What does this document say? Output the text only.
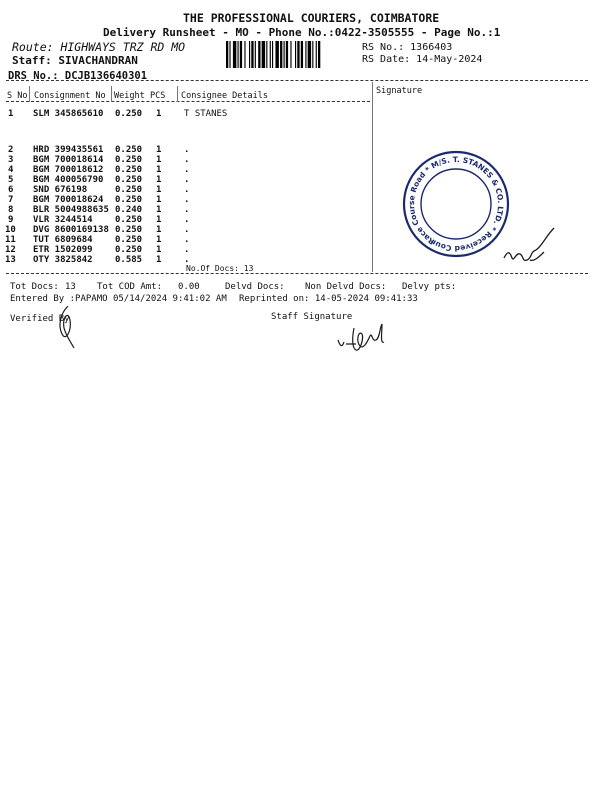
THE PROFESSIONAL COURIERS, COIMBATORE
Delivery Runsheet - MO - Phone No.:0422-3505555 - Page No.:1
Route: HIGHWAYS TRZ RD MO
Staff: SIVACHANDRAN
DRS No.: DCJB136640301
RS No.: 1366403
RS Date: 14-May-2024
S No Consignment No Weight PCS Consignee Details	Signature
1 SLM 345865610 0.250 1	T STANES
2 HRD 399435561 0.250 1	.
3 BGM 700018614 0.250 1	.
4 BGM 700018612 0.250 1	.
5 BGM 400056790 0.250 1	.
6 SND 676198	0.250 1	.
7 BGM 700018624 0.250 1	.
8 BLR 5004988635 0.240 1	.
9 VLR 3244514 0.250 1	.
10 DVG 8600169138 0.250 1	.
11 TUT 6809684 0.250 1	.
12 ETR 1502099 0.250 1	.
13 OTY 3825842 0.585 1	.
No.Of Docs: 13
Race Course Road * M/S. T. STANES & CO. LTD. * Received Courier
Tot Docs: 13 Tot COD Amt: 0.00	Delvd Docs: Non Delvd Docs: Delvy pts:
Entered By :PAPAMO 05/14/2024 9:41:02 AM Reprinted on: 14-05-2024 09:41:33
Verified By	Staff Signature
